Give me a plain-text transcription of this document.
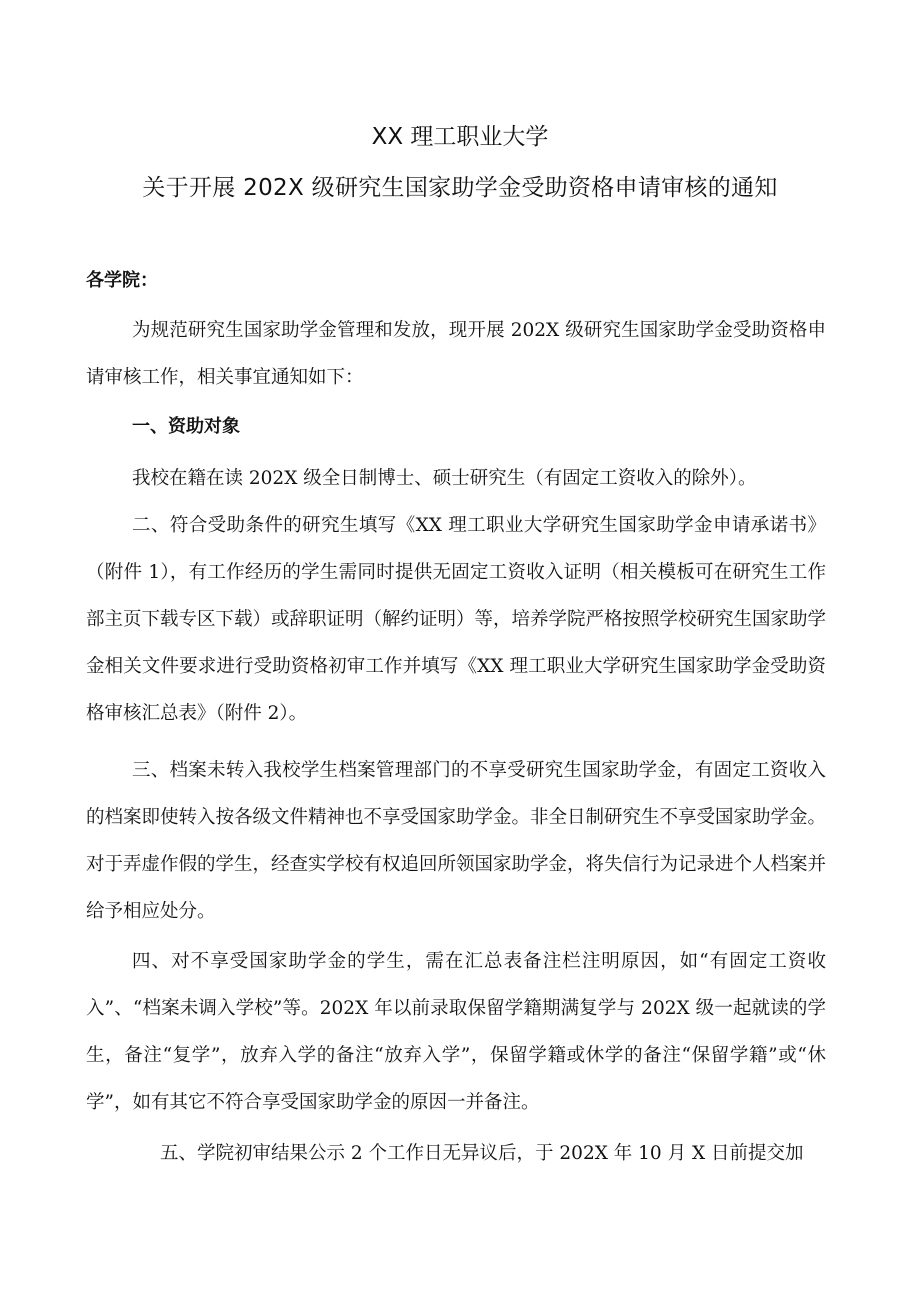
XX 理工职业大学
关于开展 202X 级研究生国家助学金受助资格申请审核的通知
各学院：

为规范研究生国家助学金管理和发放，现开展 202X 级研究生国家助学金受助资格申请审核工作，相关事宜通知如下：

一、资助对象

我校在籍在读 202X 级全日制博士、硕士研究生（有固定工资收入的除外）。

二、符合受助条件的研究生填写《XX 理工职业大学研究生国家助学金申请承诺书》（附件 1），有工作经历的学生需同时提供无固定工资收入证明（相关模板可在研究生工作部主页下载专区下载）或辞职证明（解约证明）等，培养学院严格按照学校研究生国家助学金相关文件要求进行受助资格初审工作并填写《XX 理工职业大学研究生国家助学金受助资格审核汇总表》（附件 2）。

三、档案未转入我校学生档案管理部门的不享受研究生国家助学金，有固定工资收入的档案即使转入按各级文件精神也不享受国家助学金。非全日制研究生不享受国家助学金。对于弄虚作假的学生，经查实学校有权追回所领国家助学金，将失信行为记录进个人档案并给予相应处分。

四、对不享受国家助学金的学生，需在汇总表备注栏注明原因，如“有固定工资收入”、“档案未调入学校”等。202X 年以前录取保留学籍期满复学与 202X 级一起就读的学生，备注“复学”，放弃入学的备注“放弃入学”，保留学籍或休学的备注“保留学籍”或“休学”，如有其它不符合享受国家助学金的原因一并备注。

五、学院初审结果公示 2 个工作日无异议后，于 202X 年 10 月 X 日前提交加
